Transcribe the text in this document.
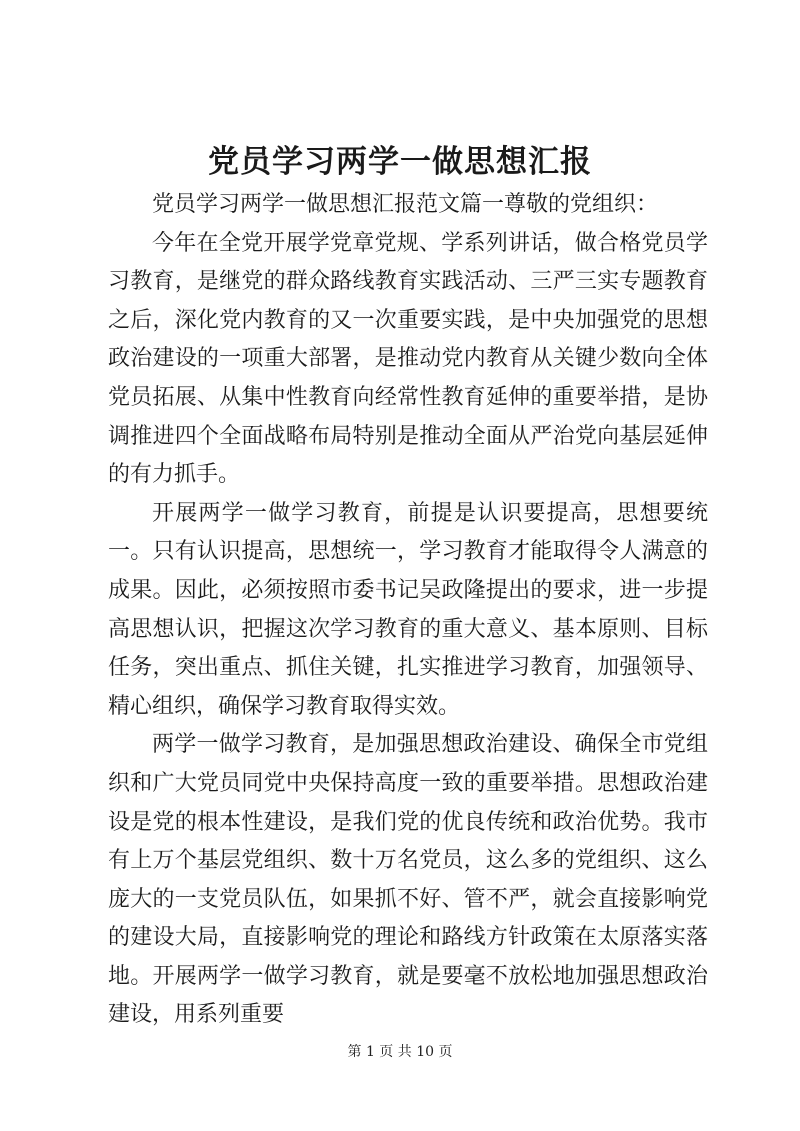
党员学习两学一做思想汇报

党员学习两学一做思想汇报范文篇一尊敬的党组织：

今年在全党开展学党章党规、学系列讲话，做合格党员学习教育，是继党的群众路线教育实践活动、三严三实专题教育之后，深化党内教育的又一次重要实践，是中央加强党的思想政治建设的一项重大部署，是推动党内教育从关键少数向全体党员拓展、从集中性教育向经常性教育延伸的重要举措，是协调推进四个全面战略布局特别是推动全面从严治党向基层延伸的有力抓手。

开展两学一做学习教育，前提是认识要提高，思想要统一。只有认识提高，思想统一，学习教育才能取得令人满意的成果。因此，必须按照市委书记吴政隆提出的要求，进一步提高思想认识，把握这次学习教育的重大意义、基本原则、目标任务，突出重点、抓住关键，扎实推进学习教育，加强领导、精心组织，确保学习教育取得实效。

两学一做学习教育，是加强思想政治建设、确保全市党组织和广大党员同党中央保持高度一致的重要举措。思想政治建设是党的根本性建设，是我们党的优良传统和政治优势。我市有上万个基层党组织、数十万名党员，这么多的党组织、这么庞大的一支党员队伍，如果抓不好、管不严，就会直接影响党的建设大局，直接影响党的理论和路线方针政策在太原落实落地。开展两学一做学习教育，就是要毫不放松地加强思想政治建设，用系列重要

第 1 页 共 10 页
